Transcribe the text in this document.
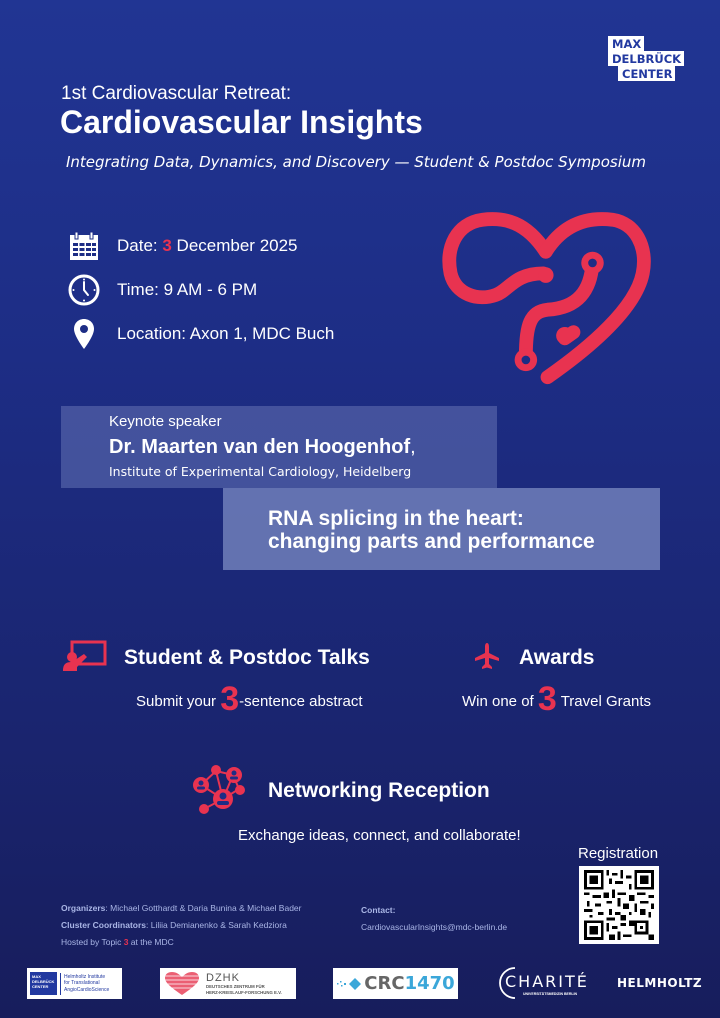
MAX
DELBRÜCK
CENTER
1st Cardiovascular Retreat:
Cardiovascular Insights
Integrating Data, Dynamics, and Discovery — Student & Postdoc Symposium
Date: 3 December 2025
Time: 9 AM - 6 PM
Location: Axon 1, MDC Buch
Keynote speaker
Dr. Maarten van den Hoogenhof,
Institute of Experimental Cardiology, Heidelberg
RNA splicing in the heart:
changing parts and performance
Student & Postdoc Talks
Submit your 3-sentence abstract
Awards
Win one of 3 Travel Grants
Networking Reception
Exchange ideas, connect, and collaborate!
Organizers: Michael Gotthardt & Daria Bunina & Michael Bader
Cluster Coordinators: Liliia Demianenko & Sarah Kedziora
Hosted by Topic 3 at the MDC
Contact:
CardiovascularInsights@mdc-berlin.de
Registration
MAX DELBRÜCK CENTER
Helmholtz Institute
for Translational
AngioCardioScience
DZHK
DEUTSCHES ZENTRUM FÜR
HERZ-KREISLAUF-FORSCHUNG E.V.	CRC 1470	CHARITÉ
UNIVERSITÄTSMEDIZIN BERLIN
HELMHOLTZ
